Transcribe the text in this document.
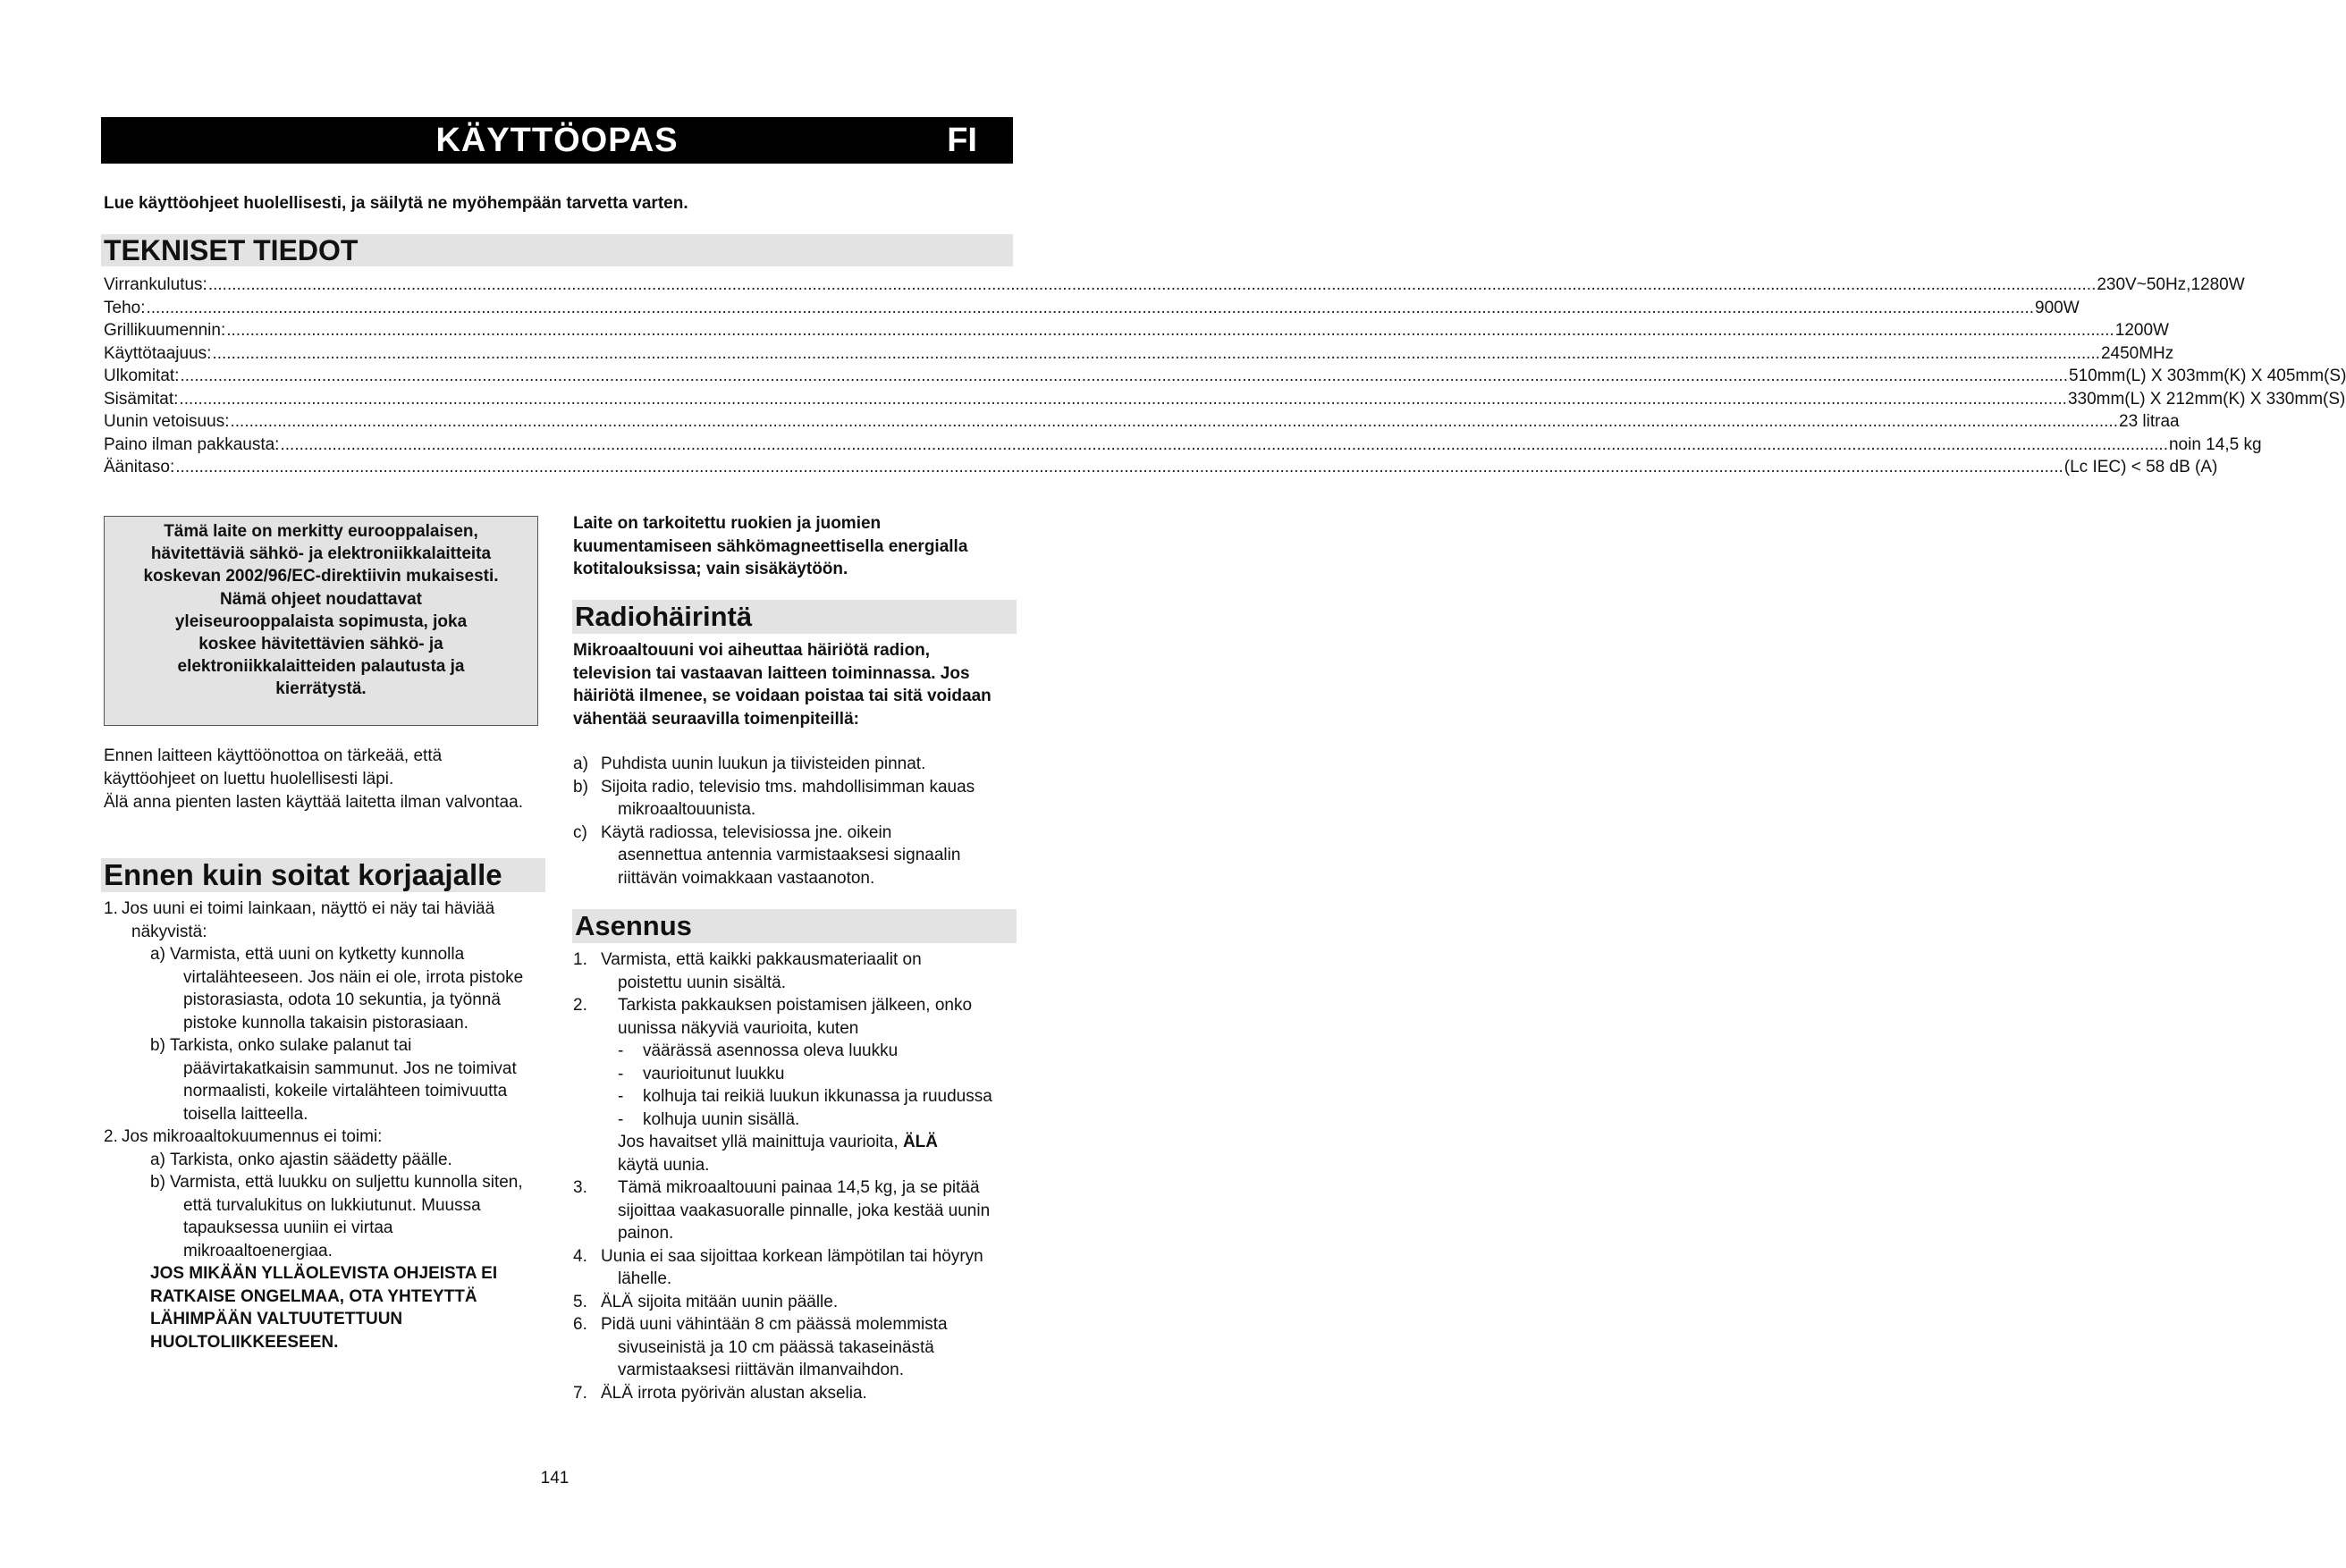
KÄYTTÖOPAS	FI
Lue käyttöohjeet huolellisesti, ja säilytä ne myöhempään tarvetta varten.
TEKNISET TIEDOT
Virrankulutus: ................................................................................................................................................................................................................................................................................................................................................................................................................ 230V~50Hz,1280W
Teho: ................................................................................................................................................................................................................................................................................................................................................................................................................ 900W
Grillikuumennin: ................................................................................................................................................................................................................................................................................................................................................................................................................ 1200W
Käyttötaajuus: ................................................................................................................................................................................................................................................................................................................................................................................................................ 2450MHz
Ulkomitat: ................................................................................................................................................................................................................................................................................................................................................................................................................ 510mm(L) X 303mm(K) X 405mm(S)
Sisämitat: ................................................................................................................................................................................................................................................................................................................................................................................................................ 330mm(L) X 212mm(K) X 330mm(S)
Uunin vetoisuus: ................................................................................................................................................................................................................................................................................................................................................................................................................ 23 litraa
Paino ilman pakkausta: ................................................................................................................................................................................................................................................................................................................................................................................................................ noin 14,5 kg
Äänitaso: ................................................................................................................................................................................................................................................................................................................................................................................................................ (Lc IEC) < 58 dB (A)

Tämä laite on merkitty eurooppalaisen, hävitettäviä sähkö- ja elektroniikkalaitteita koskevan 2002/96/EC-direktiivin mukaisesti.

Nämä ohjeet noudattavat yleiseurooppalaista sopimusta, joka koskee hävitettävien sähkö- ja elektroniikkalaitteiden palautusta ja kierrätystä.

Ennen laitteen käyttöönottoa on tärkeää, että käyttöohjeet on luettu huolellisesti läpi.

Älä anna pienten lasten käyttää laitetta ilman valvontaa.

Ennen kuin soitat korjaajalle
1. Jos uuni ei toimi lainkaan, näyttö ei näy tai häviää näkyvistä:
a) Varmista, että uuni on kytketty kunnolla virtalähteeseen. Jos näin ei ole, irrota pistoke pistorasiasta, odota 10 sekuntia, ja työnnä pistoke kunnolla takaisin pistorasiaan.
b) Tarkista, onko sulake palanut tai päävirtakatkaisin sammunut. Jos ne toimivat normaalisti, kokeile virtalähteen toimivuutta toisella laitteella.
2. Jos mikroaaltokuumennus ei toimi:
a) Tarkista, onko ajastin säädetty päälle.
b) Varmista, että luukku on suljettu kunnolla siten, että turvalukitus on lukkiutunut. Muussa tapauksessa uuniin ei virtaa mikroaaltoenergiaa.
JOS MIKÄÄN YLLÄOLEVISTA OHJEISTA EI RATKAISE ONGELMAA, OTA YHTEYTTÄ LÄHIMPÄÄN VALTUUTETTUUN HUOLTOLIIKKEESEEN.

Laite on tarkoitettu ruokien ja juomien kuumentamiseen sähkömagneettisella energialla kotitalouksissa; vain sisäkäytöön.

Radiohäirintä

Mikroaaltouuni voi aiheuttaa häiriötä radion, television tai vastaavan laitteen toiminnassa. Jos häiriötä ilmenee, se voidaan poistaa tai sitä voidaan vähentää seuraavilla toimenpiteillä:

a) Puhdista uunin luukun ja tiivisteiden pinnat.
b) Sijoita radio, televisio tms. mahdollisimman kauas mikroaaltouunista.
c) Käytä radiossa, televisiossa jne. oikein asennettua antennia varmistaaksesi signaalin riittävän voimakkaan vastaanoton.
Asennus
1. Varmista, että kaikki pakkausmateriaalit on poistettu uunin sisältä.
2. Tarkista pakkauksen poistamisen jälkeen, onko uunissa näkyviä vaurioita, kuten
- väärässä asennossa oleva luukku
- vaurioitunut luukku
- kolhuja tai reikiä luukun ikkunassa ja ruudussa
- kolhuja uunin sisällä.
Jos havaitset yllä mainittuja vaurioita, ÄLÄ
käytä uunia.
3. Tämä mikroaaltouuni painaa 14,5 kg, ja se pitää sijoittaa vaakasuoralle pinnalle, joka kestää uunin painon.
4. Uunia ei saa sijoittaa korkean lämpötilan tai höyryn lähelle.
5. ÄLÄ sijoita mitään uunin päälle.
6. Pidä uuni vähintään 8 cm päässä molemmista sivuseinistä ja 10 cm päässä takaseinästä varmistaaksesi riittävän ilmanvaihdon.
7. ÄLÄ irrota pyörivän alustan akselia.
141
